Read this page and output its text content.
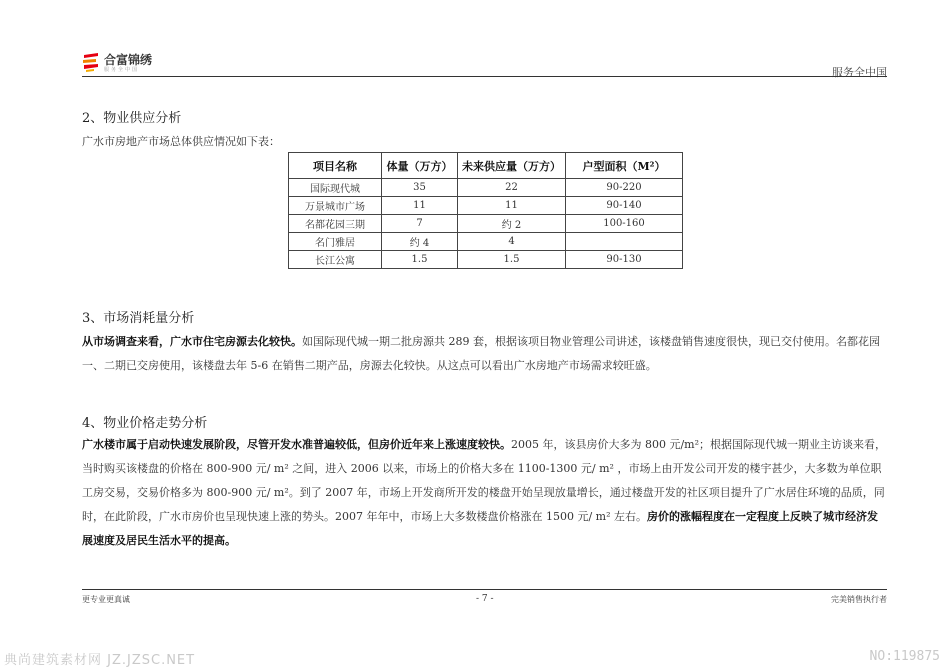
合富锦绣
服务全中国	服务全中国
2、物业供应分析
广水市房地产市场总体供应情况如下表：
项目名称	体量（万方）	未来供应量（万方）	户型面积（M²）
国际现代城	35	22	90-220
万景城市广场	11	11	90-140
名都花园三期	7	约 2	100-160
名门雅居	约 4	4	
长江公寓	1.5	1.5	90-130
3、市场消耗量分析
从市场调查来看，广水市住宅房源去化较快。如国际现代城一期二批房源共 289 套，根据该项目物业管理公司讲述，该楼盘销售速度很快，现已交付使用。名都花园一、二期已交房使用，该楼盘去年 5-6 在销售二期产品，房源去化较快。从这点可以看出广水房地产市场需求较旺盛。
4、物业价格走势分析
广水楼市属于启动快速发展阶段，尽管开发水准普遍较低，但房价近年来上涨速度较快。2005 年，该县房价大多为 800 元/m²；根据国际现代城一期业主访谈来看，当时购买该楼盘的价格在 800-900 元/ m² 之间，进入 2006 以来，市场上的价格大多在 1100-1300 元/ m² ，市场上由开发公司开发的楼宇甚少，大多数为单位职工房交易，交易价格多为 800-900 元/ m²。到了 2007 年，市场上开发商所开发的楼盘开始呈现放量增长，通过楼盘开发的社区项目提升了广水居住环境的品质，同时，在此阶段，广水市房价也呈现快速上涨的势头。2007 年年中，市场上大多数楼盘价格涨在 1500 元/ m² 左右。房价的涨幅程度在一定程度上反映了城市经济发展速度及居民生活水平的提高。
更专业更真诚	- 7 -	完美销售执行者
典尚建筑素材网 JZ.JZSC.NET	NO:119875
